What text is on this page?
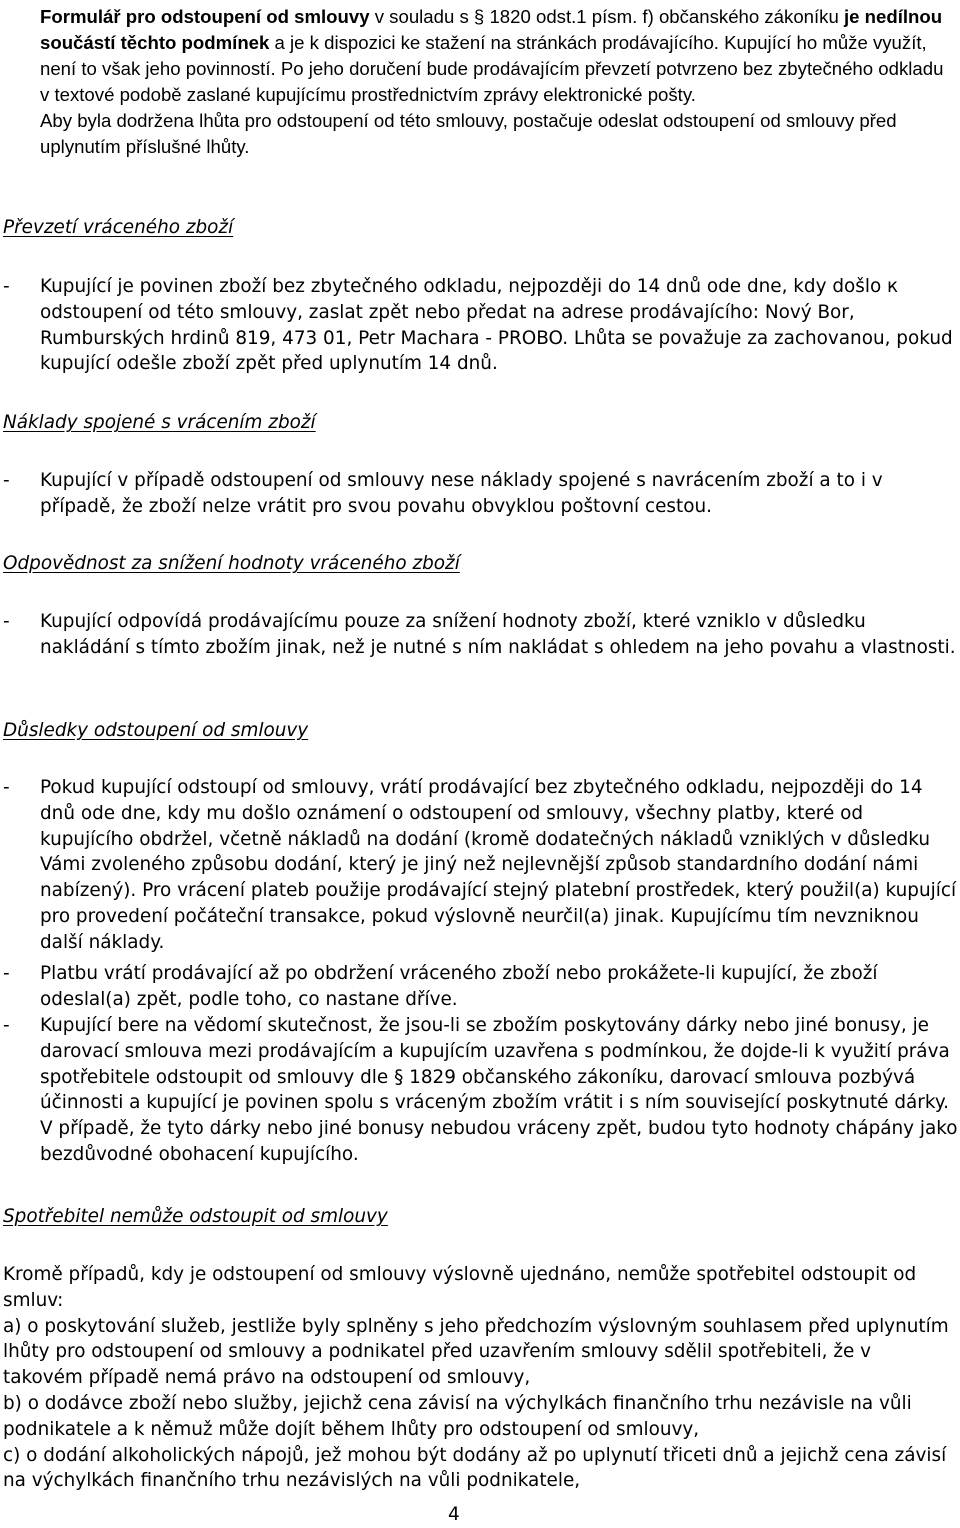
Formulář pro odstoupení od smlouvy v souladu s § 1820 odst.1 písm. f) občanského zákoníku je nedílnou součástí těchto podmínek a je k dispozici ke stažení na stránkách prodávajícího. Kupující ho může využít, není to však jeho povinností. Po jeho doručení bude prodávajícím převzetí potvrzeno bez zbytečného odkladu v textové podobě zaslané kupujícímu prostřednictvím zprávy elektronické pošty.

Aby byla dodržena lhůta pro odstoupení od této smlouvy, postačuje odeslat odstoupení od smlouvy před uplynutím příslušné lhůty.

Převzetí vráceného zboží
- Kupující je povinen zboží bez zbytečného odkladu, nejpozději do 14 dnů ode dne, kdy došlo к odstoupení od této smlouvy, zaslat zpět nebo předat na adrese prodávajícího: Nový Bor, Rumburských hrdinů 819, 473 01, Petr Machara - PROBO. Lhůta se považuje za zachovanou, pokud kupující odešle zboží zpět před uplynutím 14 dnů.
Náklady spojené s vrácením zboží
- Kupující v případě odstoupení od smlouvy nese náklady spojené s navrácením zboží a to i v případě, že zboží nelze vrátit pro svou povahu obvyklou poštovní cestou.
Odpovědnost za snížení hodnoty vráceného zboží
- Kupující odpovídá prodávajícímu pouze za snížení hodnoty zboží, které vzniklo v důsledku nakládání s tímto zbožím jinak, než je nutné s ním nakládat s ohledem na jeho povahu a vlastnosti.
Důsledky odstoupení od smlouvy
- Pokud kupující odstoupí od smlouvy, vrátí prodávající bez zbytečného odkladu, nejpozději do 14 dnů ode dne, kdy mu došlo oznámení o odstoupení od smlouvy, všechny platby, které od kupujícího obdržel, včetně nákladů na dodání (kromě dodatečných nákladů vzniklých v důsledku Vámi zvoleného způsobu dodání, který je jiný než nejlevnější způsob standardního dodání námi nabízený). Pro vrácení plateb použije prodávající stejný platební prostředek, který použil(a) kupující pro provedení počáteční transakce, pokud výslovně neurčil(a) jinak. Kupujícímu tím nevzniknou další náklady.
- Platbu vrátí prodávající až po obdržení vráceného zboží nebo prokážete-li kupující, že zboží odeslal(a) zpět, podle toho, co nastane dříve.
- Kupující bere na vědomí skutečnost, že jsou-li se zbožím poskytovány dárky nebo jiné bonusy, je darovací smlouva mezi prodávajícím a kupujícím uzavřena s podmínkou, že dojde-li k využití práva spotřebitele odstoupit od smlouvy dle § 1829 občanského zákoníku, darovací smlouva pozbývá účinnosti a kupující je povinen spolu s vráceným zbožím vrátit i s ním související poskytnuté dárky. V případě, že tyto dárky nebo jiné bonusy nebudou vráceny zpět, budou tyto hodnoty chápány jako bezdůvodné obohacení kupujícího.
Spotřebitel nemůže odstoupit od smlouvy

Kromě případů, kdy je odstoupení od smlouvy výslovně ujednáno, nemůže spotřebitel odstoupit od smluv:

a) o poskytování služeb, jestliže byly splněny s jeho předchozím výslovným souhlasem před uplynutím lhůty pro odstoupení od smlouvy a podnikatel před uzavřením smlouvy sdělil spotřebiteli, že v takovém případě nemá právo na odstoupení od smlouvy,

b) o dodávce zboží nebo služby, jejichž cena závisí na výchylkách finančního trhu nezávisle na vůli podnikatele a k němuž může dojít během lhůty pro odstoupení od smlouvy,

c) o dodání alkoholických nápojů, jež mohou být dodány až po uplynutí třiceti dnů a jejichž cena závisí na výchylkách finančního trhu nezávislých na vůli podnikatele,

4
